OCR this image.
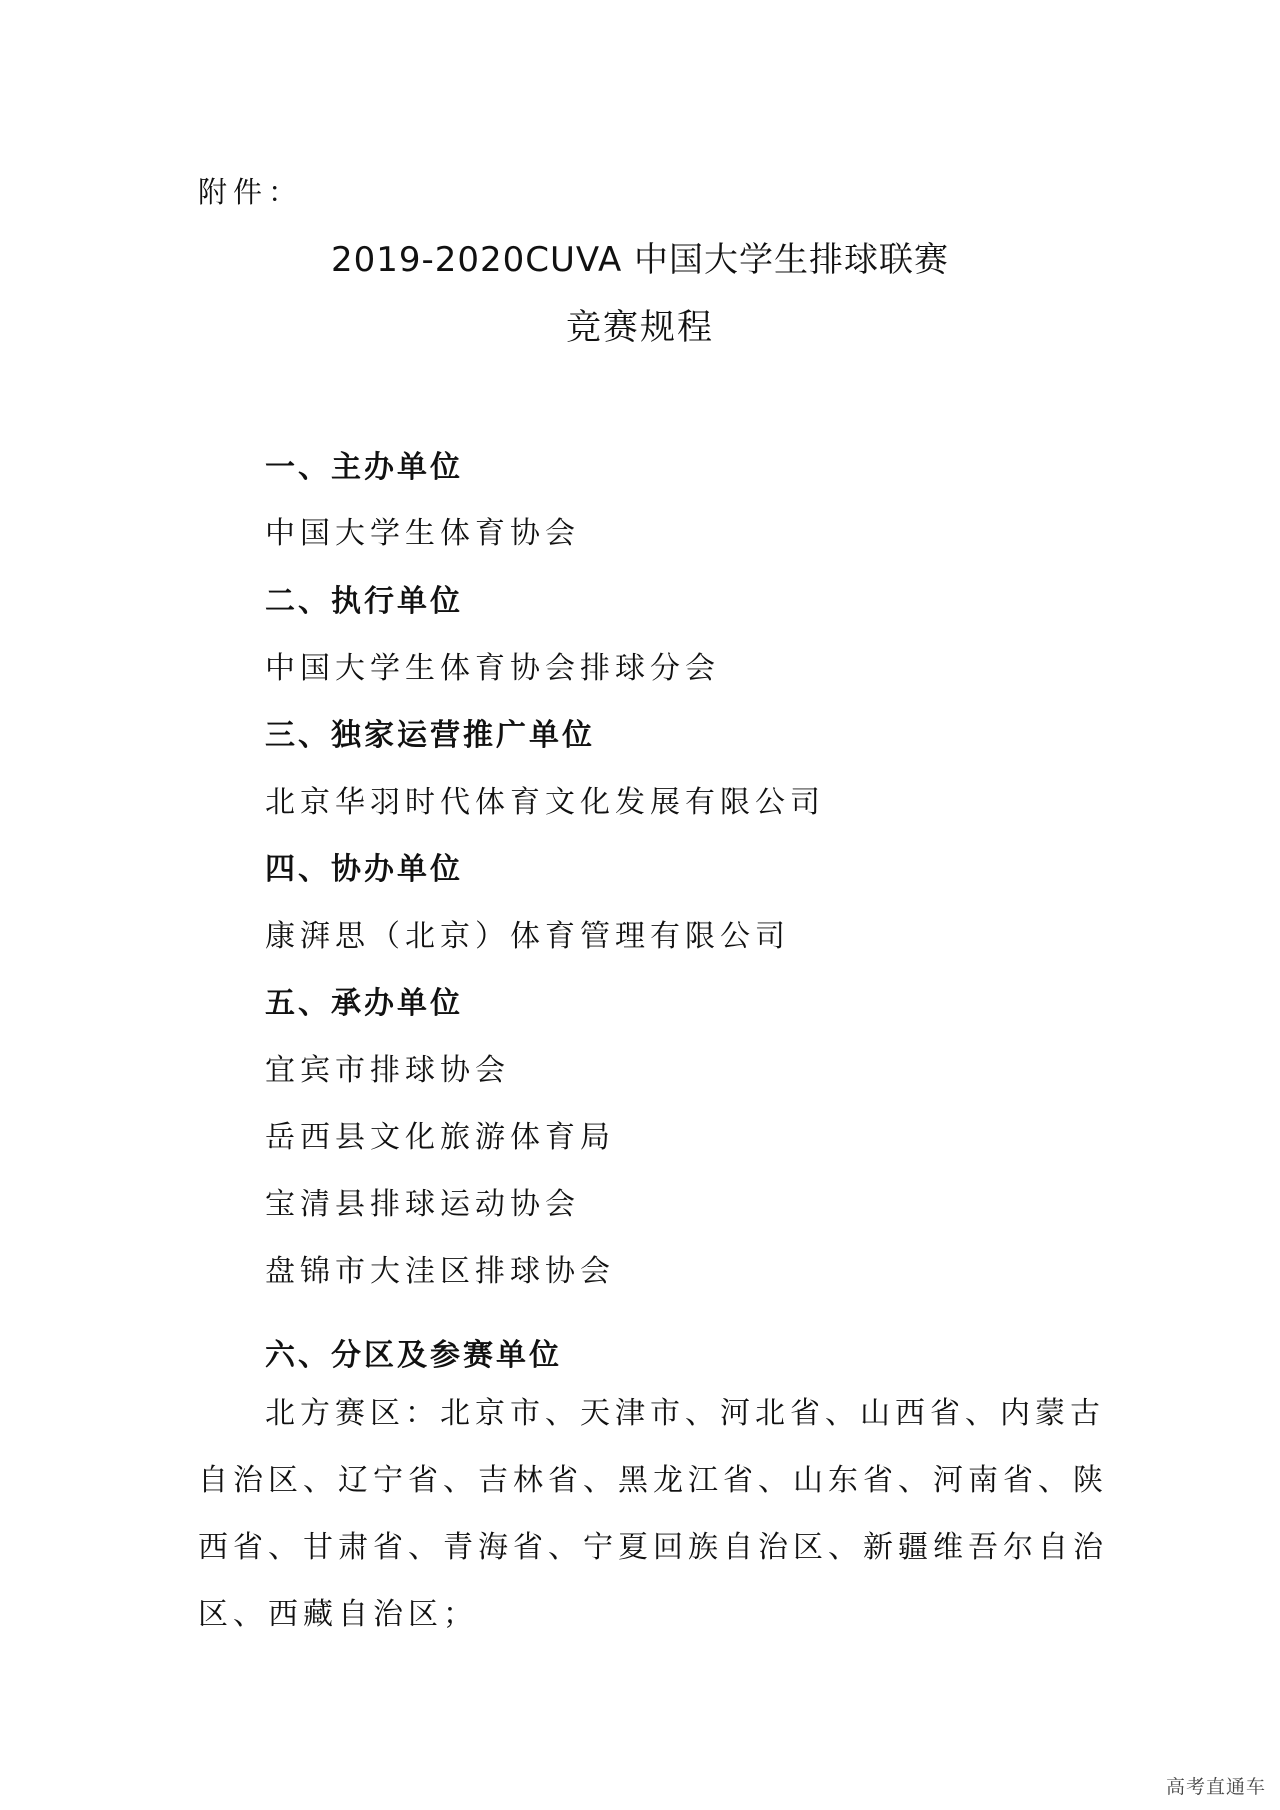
附件：
2019-2020CUVA 中国大学生排球联赛
竞赛规程
一、主办单位
中国大学生体育协会
二、执行单位
中国大学生体育协会排球分会
三、独家运营推广单位
北京华羽时代体育文化发展有限公司
四、协办单位
康湃思（北京）体育管理有限公司
五、承办单位
宜宾市排球协会
岳西县文化旅游体育局
宝清县排球运动协会
盘锦市大洼区排球协会
六、分区及参赛单位
北方赛区：北京市、天津市、河北省、山西省、内蒙古
自治区、辽宁省、吉林省、黑龙江省、山东省、河南省、陕
西省、甘肃省、青海省、宁夏回族自治区、新疆维吾尔自治
区、西藏自治区；
高考直通车
